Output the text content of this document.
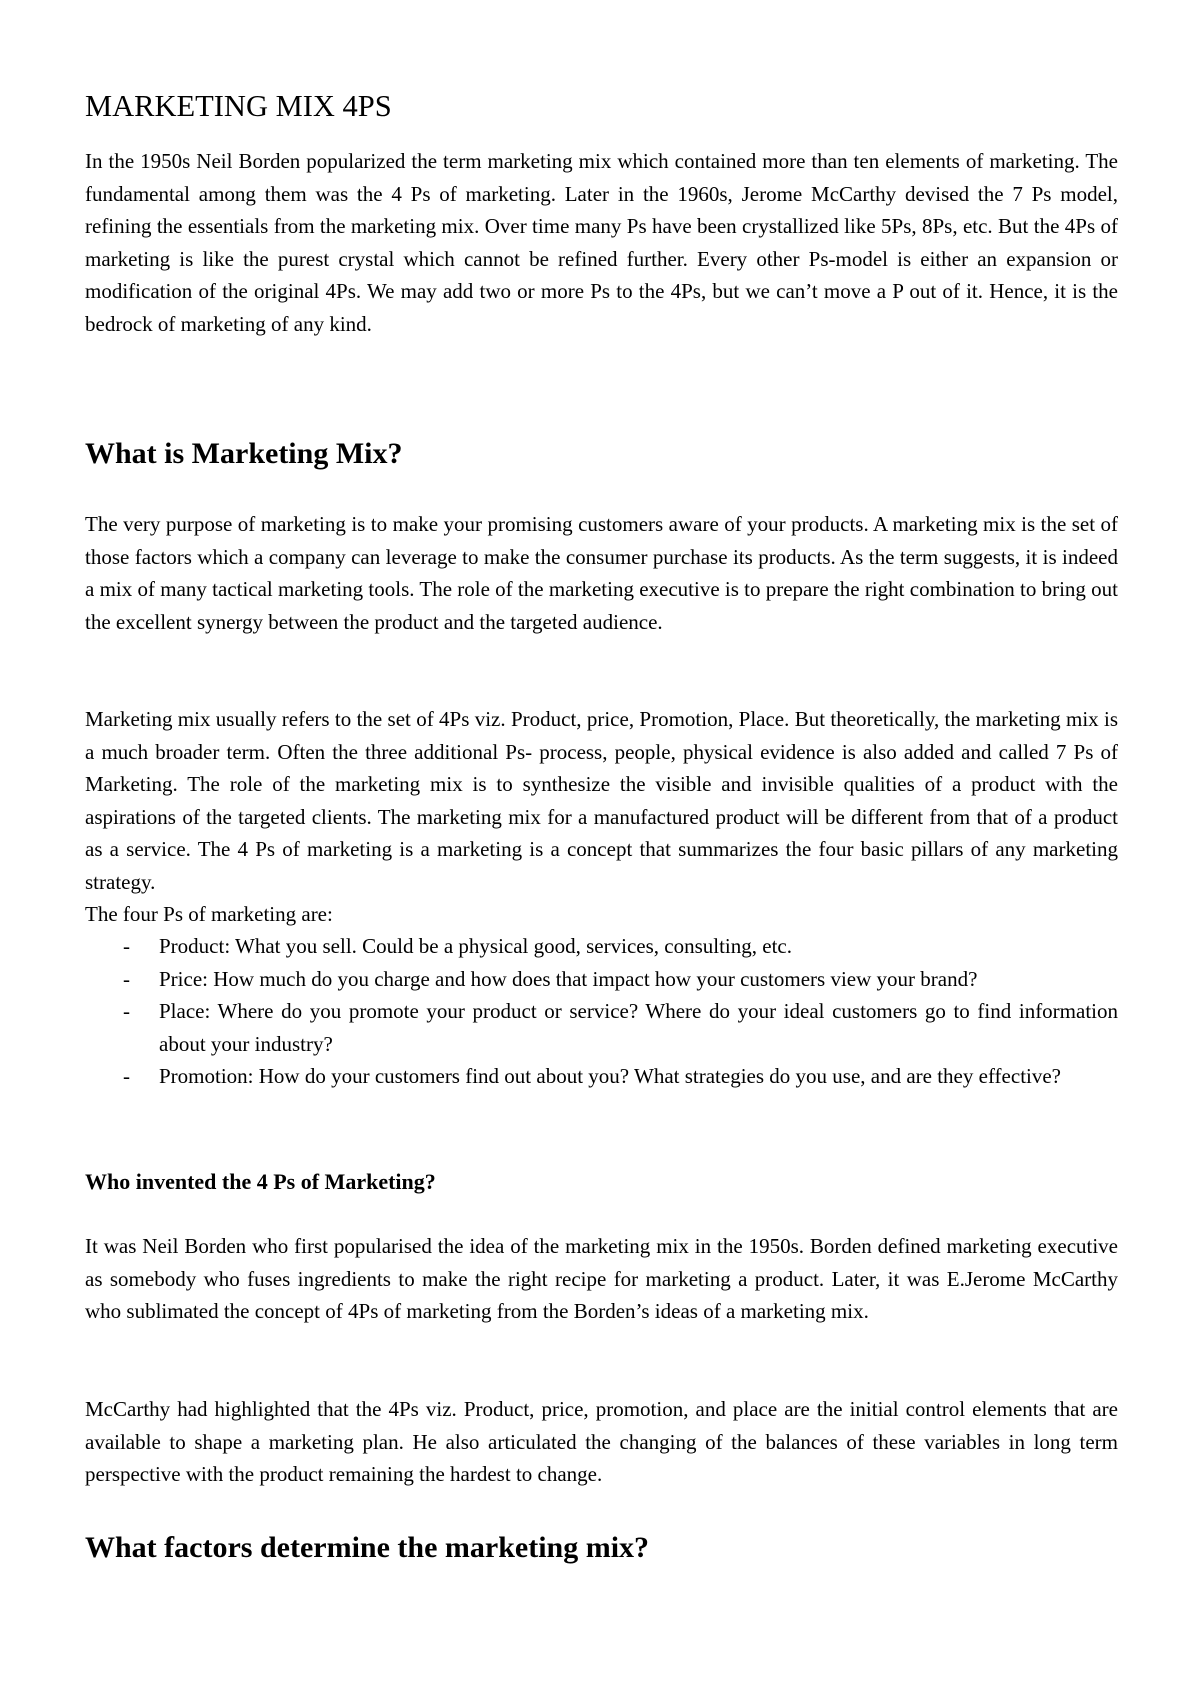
MARKETING MIX 4PS

In the 1950s Neil Borden popularized the term marketing mix which contained more than ten elements of marketing. The fundamental among them was the 4 Ps of marketing. Later in the 1960s, Jerome McCarthy devised the 7 Ps model, refining the essentials from the marketing mix. Over time many Ps have been crystallized like 5Ps, 8Ps, etc. But the 4Ps of marketing is like the purest crystal which cannot be refined further. Every other Ps-model is either an expansion or modification of the original 4Ps. We may add two or more Ps to the 4Ps, but we can’t move a P out of it. Hence, it is the bedrock of marketing of any kind.

What is Marketing Mix?

The very purpose of marketing is to make your promising customers aware of your products. A marketing mix is the set of those factors which a company can leverage to make the consumer purchase its products. As the term suggests, it is indeed a mix of many tactical marketing tools. The role of the marketing executive is to prepare the right combination to bring out the excellent synergy between the product and the targeted audience.

Marketing mix usually refers to the set of 4Ps viz. Product, price, Promotion, Place. But theoretically, the marketing mix is a much broader term. Often the three additional Ps- process, people, physical evidence is also added and called 7 Ps of Marketing. The role of the marketing mix is to synthesize the visible and invisible qualities of a product with the aspirations of the targeted clients. The marketing mix for a manufactured product will be different from that of a product as a service. The 4 Ps of marketing is a marketing is a concept that summarizes the four basic pillars of any marketing strategy.

The four Ps of marketing are:

- Product: What you sell. Could be a physical good, services, consulting, etc.
- Price: How much do you charge and how does that impact how your customers view your brand?
- Place: Where do you promote your product or service? Where do your ideal customers go to find information about your industry?
- Promotion: How do your customers find out about you? What strategies do you use, and are they effective?
Who invented the 4 Ps of Marketing?

It was Neil Borden who first popularised the idea of the marketing mix in the 1950s. Borden defined marketing executive as somebody who fuses ingredients to make the right recipe for marketing a product. Later, it was E.Jerome McCarthy who sublimated the concept of 4Ps of marketing from the Borden’s ideas of a marketing mix.

McCarthy had highlighted that the 4Ps viz. Product, price, promotion, and place are the initial control elements that are available to shape a marketing plan. He also articulated the changing of the balances of these variables in long term perspective with the product remaining the hardest to change.

What factors determine the marketing mix?
